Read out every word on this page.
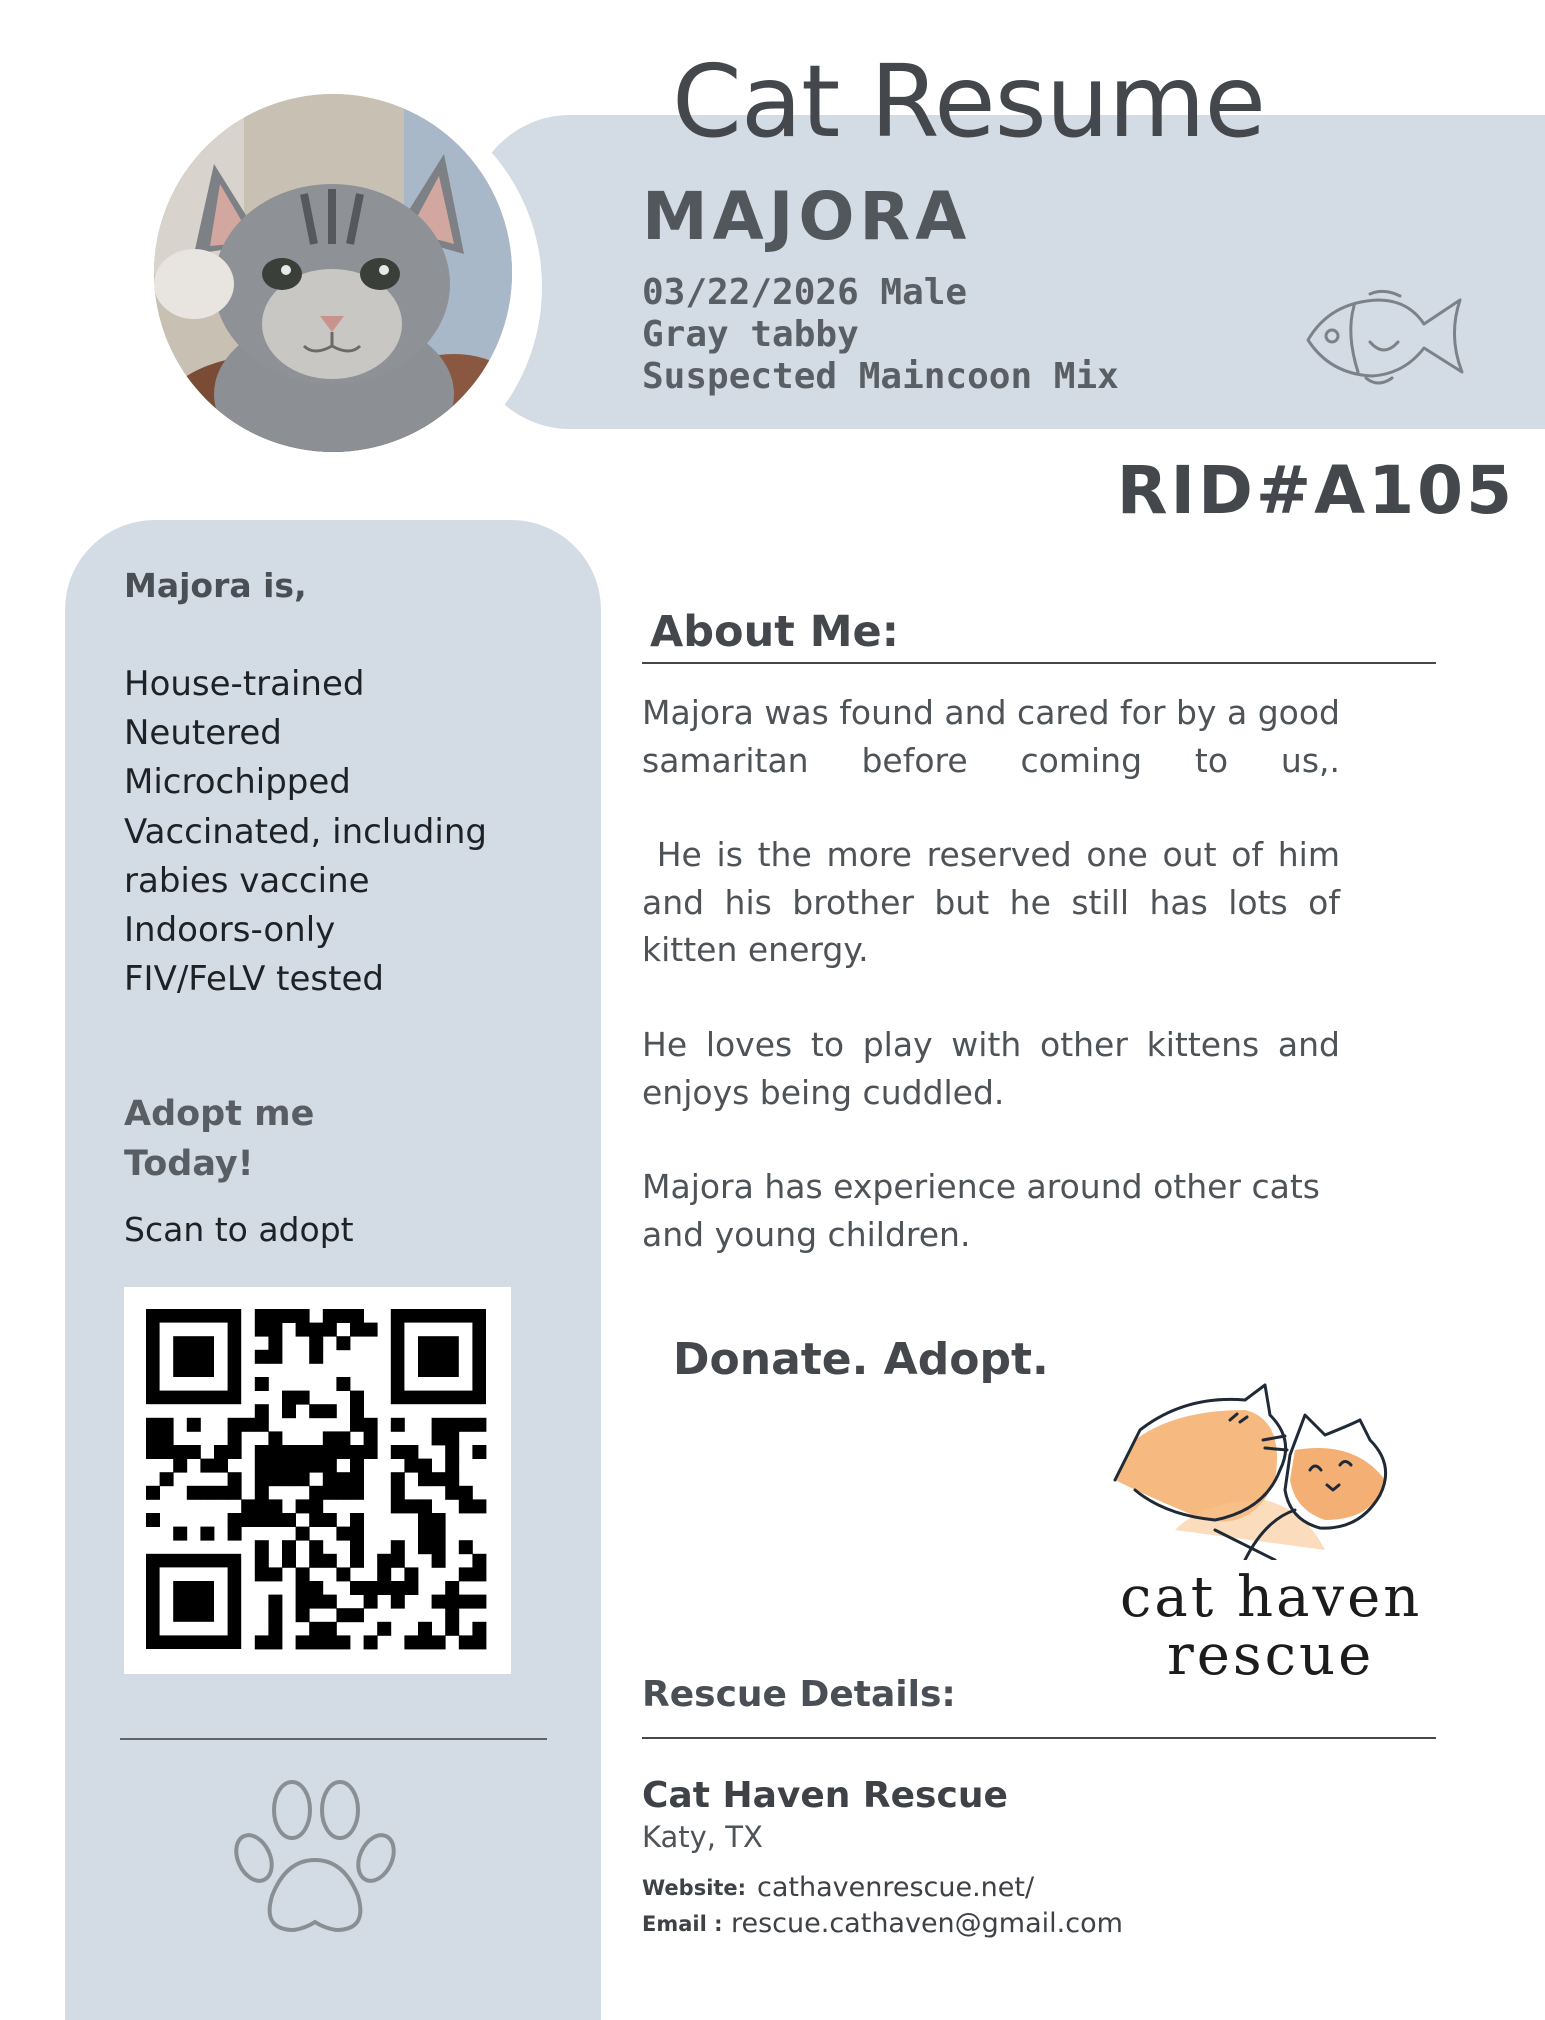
Cat Resume
MAJORA
03/22/2026 Male
Gray tabby
Suspected Maincoon Mix
RID#A105
Majora is,
House-trained
Neutered
Microchipped
Vaccinated, including
rabies vaccine
Indoors-only
FIV/FeLV tested
Adopt me
Today!
Scan to adopt
About Me:

Majora was found and cared for by a good samaritan before coming to us,.

He is the more reserved one out of him and his brother but he still has lots of kitten energy.

He loves to play with other kittens and enjoys being cuddled.

Majora has experience around other cats and young children.

Donate. Adopt.
cat haven
rescue
Rescue Details:
Cat Haven Rescue
Katy, TX
Website: cathavenrescue.net/
Email : rescue.cathaven@gmail.com
